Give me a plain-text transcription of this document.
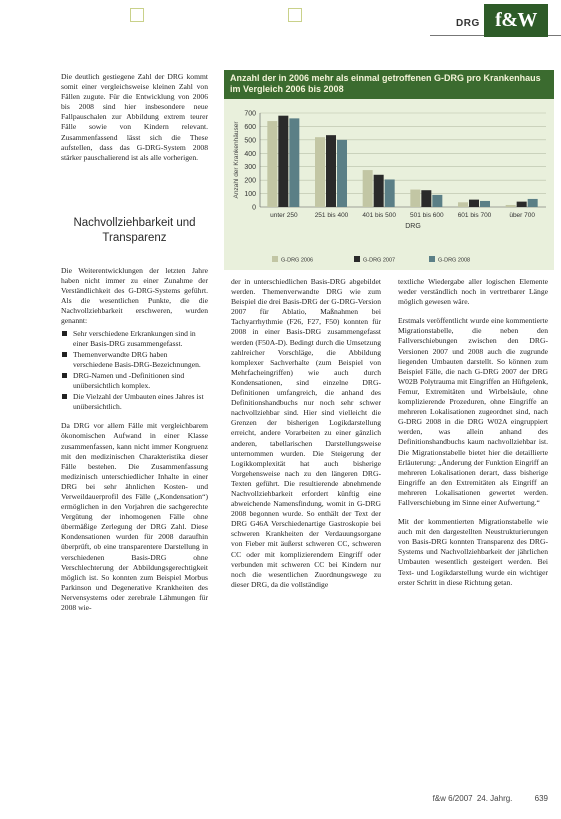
DRG f&W

Die deutlich gestiegene Zahl der DRG kommt somit einer vergleichsweise kleinen Zahl von Fällen zugute. Für die Entwicklung von 2006 bis 2008 sind hier insbesondere neue Fallpauschalen zur Abbildung extrem teurer Fälle sowie von Kindern relevant. Zusammenfassend lässt sich die These aufstellen, dass das G-DRG-System 2008 stärker pauschalierend ist als alle vorherigen.

Nachvollziehbarkeit und Transparenz

Die Weiterentwicklungen der letzten Jahre haben nicht immer zu einer Zunahme der Verständlichkeit des G-DRG-Systems geführt. Als die wesentlichen Punkte, die die Nachvollziehbarkeit erschweren, wurden genannt:

Sehr verschiedene Erkrankungen sind in einer Basis-DRG zusammengefasst.
Themenverwandte DRG haben verschiedene Basis-DRG-Bezeichnungen.
DRG-Namen und -Definitionen sind unübersichtlich komplex.
Die Vielzahl der Umbauten eines Jahres ist unübersichtlich.

Da DRG vor allem Fälle mit vergleichbarem ökonomischen Aufwand in einer Klasse zusammenfassen, kann nicht immer Kongruenz mit den medizinischen Charakteristika dieser Fälle bestehen. Die Zusammenfassung medizinisch unterschiedlicher Inhalte in einer DRG bei sehr ähnlichen Kosten- und Verweildauerprofil des Fälle („Kondensation“) ermöglichen in den Vorjahren die sachgerechte Vergütung der inhomogenen Fälle ohne übermäßige Zerlegung der DRG Zahl. Diese Kondensationen wurden für 2008 daraufhin überprüft, ob eine transparentere Darstellung in verschiedenen Basis-DRG ohne Verschlechterung der Abbildungsgerechtigkeit möglich ist. So konnten zum Beispiel Morbus Parkinson und Degenerative Krankheiten des Nervensystems oder zerebrale Lähmungen für 2008 wie-

der in unterschiedlichen Basis-DRG abgebildet werden. Themenverwandte DRG wie zum Beispiel die drei Basis-DRG der G-DRG-Version 2007 für Ablatio, Maßnahmen bei Tachyarrhythmie (F26, F27, F50) konnten für 2008 in einer Basis-DRG zusammengefasst werden (F50A-D). Bedingt durch die Umsetzung zahlreicher Vorschläge, die Abbildung komplexer Sachverhalte (zum Beispiel von Mehrfacheingriffen) wie auch durch Kondensationen, sind einzelne DRG-Definitionen umfangreich, die anhand des Definitionshandbuchs nur noch sehr schwer nachvollziehbar sind. Hier sind vielleicht die Grenzen der bisherigen Logikdarstellung erreicht, andere Vorarbeiten zu einer gänzlich anderen, tabellarischen Darstellungsweise unternommen wurden. Die Steigerung der Logikkomplexität hat auch bisherige Vorgehensweise nach zu den längeren DRG-Texten geführt. Die resultierende abnehmende Nachvollziehbarkeit erfordert künftig eine abweichende Namensfindung, womit in G-DRG 2008 begonnen wurde. So enthält der Text der DRG G46A Verschiedenartige Gastroskopie bei schweren Krankheiten der Verdauungsorgane von Fieber mit äußerst schweren CC, schweren CC oder mit komplizierendem Eingriff oder verbunden mit schweren CC bei Kindern nur noch die wesentlichen Zuordnungswege zu dieser DRG, da die vollständige

textliche Wiedergabe aller logischen Elemente weder verständlich noch in vertretbarer Länge möglich gewesen wäre.

Erstmals veröffentlicht wurde eine kommentierte Migrationstabelle, die neben den Fallverschiebungen zwischen den DRG-Versionen 2007 und 2008 auch die zugrunde liegenden Umbauten darstellt. So können zum Beispiel Fälle, die nach G-DRG 2007 der DRG W02B Polytrauma mit Eingriffen an Hüftgelenk, Femur, Extremitäten und Wirbelsäule, ohne komplizierende Prozeduren, ohne Eingriffe an mehreren Lokalisationen zugeordnet sind, nach G-DRG 2008 in die DRG W02A eingruppiert werden, was allein anhand des Definitionshandbuchs kaum nachvollziehbar ist. Die Migrationstabelle bietet hier die detaillierte Erläuterung: „Änderung der Funktion Eingriff an mehreren Lokalisationen derart, dass bisherige Eingriffe an den Extremitäten als Eingriff an mehreren Lokalisationen gewertet werden. Fallverschiebung im Sinne einer Aufwertung.“

Mit der kommentierten Migrationstabelle wie auch mit den dargestellten Neustrukturierungen von Basis-DRG konnten Transparenz des DRG-Systems und Nachvollziehbarkeit der jährlichen Umbauten wesentlich gesteigert werden. Bei Text- und Logikdarstellung wurde ein wichtiger erster Schritt in diese Richtung getan.

Anzahl der in 2006 mehr als einmal getroffenen G-DRG pro Krankenhaus im Vergleich 2006 bis 2008
0
100
200
300
400
500
600
700
Anzahl der Krankenhäuser
unter 250	251 bis 400 401 bis 500 501 bis 600 601 bis 700	über 700
DRG
G-DRG 2006	G-DRG 2007	G-DRG 2008
f&w 6/2007 24. Jahrg.	639
